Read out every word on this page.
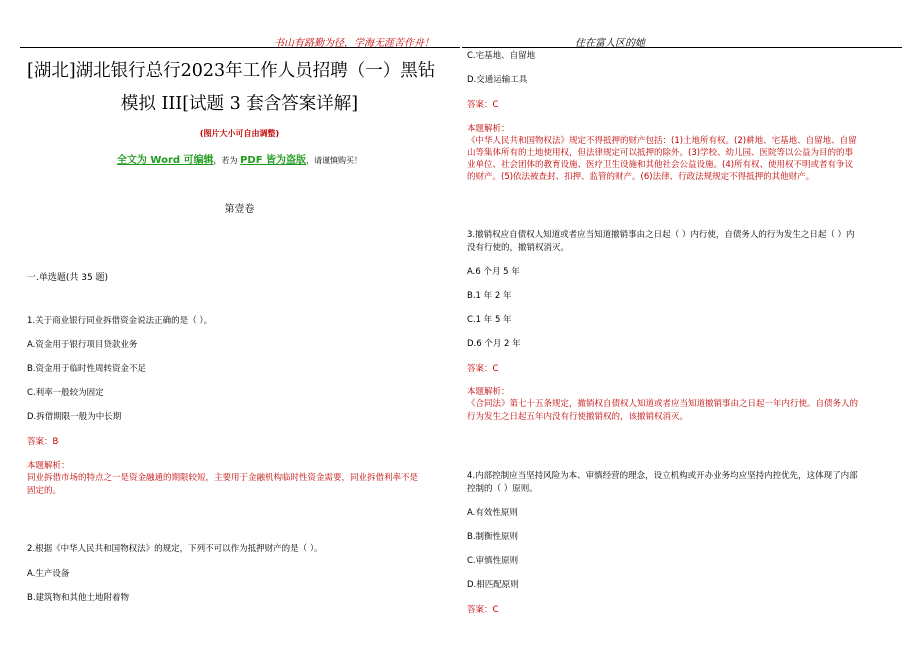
书山有路勤为径，学海无涯苦作舟！	住在富人区的她
[湖北]湖北银行总行2023年工作人员招聘（一）黑钻
模拟 III[试题 3 套含答案详解]
(图片大小可自由调整)
全文为 Word 可编辑，若为 PDF 皆为盗版，请谨慎购买！
第壹卷
一.单选题(共 35 题)
1.关于商业银行同业拆借资金说法正确的是（ ）。
A.资金用于银行项目贷款业务
B.资金用于临时性周转资金不足
C.利率一般较为固定
D.拆借期限一般为中长期
答案：B
本题解析：
同业拆借市场的特点之一是资金融通的期限较短，主要用于金融机构临时性资金需要，同业拆借利率不是
固定的。
2.根据《中华人民共和国物权法》的规定，下列不可以作为抵押财产的是（ ）。
A.生产设备
B.建筑物和其他土地附着物
C.宅基地、自留地
D.交通运输工具
答案：C
本题解析：
《中华人民共和国物权法》规定不得抵押的财产包括：(1)土地所有权。(2)耕地、宅基地、自留地、自留
山等集体所有的土地使用权，但法律规定可以抵押的除外。(3)学校、幼儿园、医院等以公益为目的的事
业单位、社会团体的教育设施、医疗卫生设施和其他社会公益设施。(4)所有权、使用权不明或者有争议
的财产。(5)依法被查封、扣押、监管的财产。(6)法律、行政法规规定不得抵押的其他财产。
3.撤销权应自债权人知道或者应当知道撤销事由之日起（ ）内行使，自债务人的行为发生之日起（ ）内
没有行使的，撤销权消灭。
A.6 个月 5 年
B.1 年 2 年
C.1 年 5 年
D.6 个月 2 年
答案：C
本题解析：
《合同法》第七十五条规定，撤销权自债权人知道或者应当知道撤销事由之日起一年内行使。自债务人的
行为发生之日起五年内没有行使撤销权的，该撤销权消灭。
4.内部控制应当坚持风险为本、审慎经营的理念，设立机构或开办业务均应坚持内控优先，这体现了内部
控制的（ ）原则。
A.有效性原则
B.制衡性原则
C.审慎性原则
D.相匹配原则
答案：C
